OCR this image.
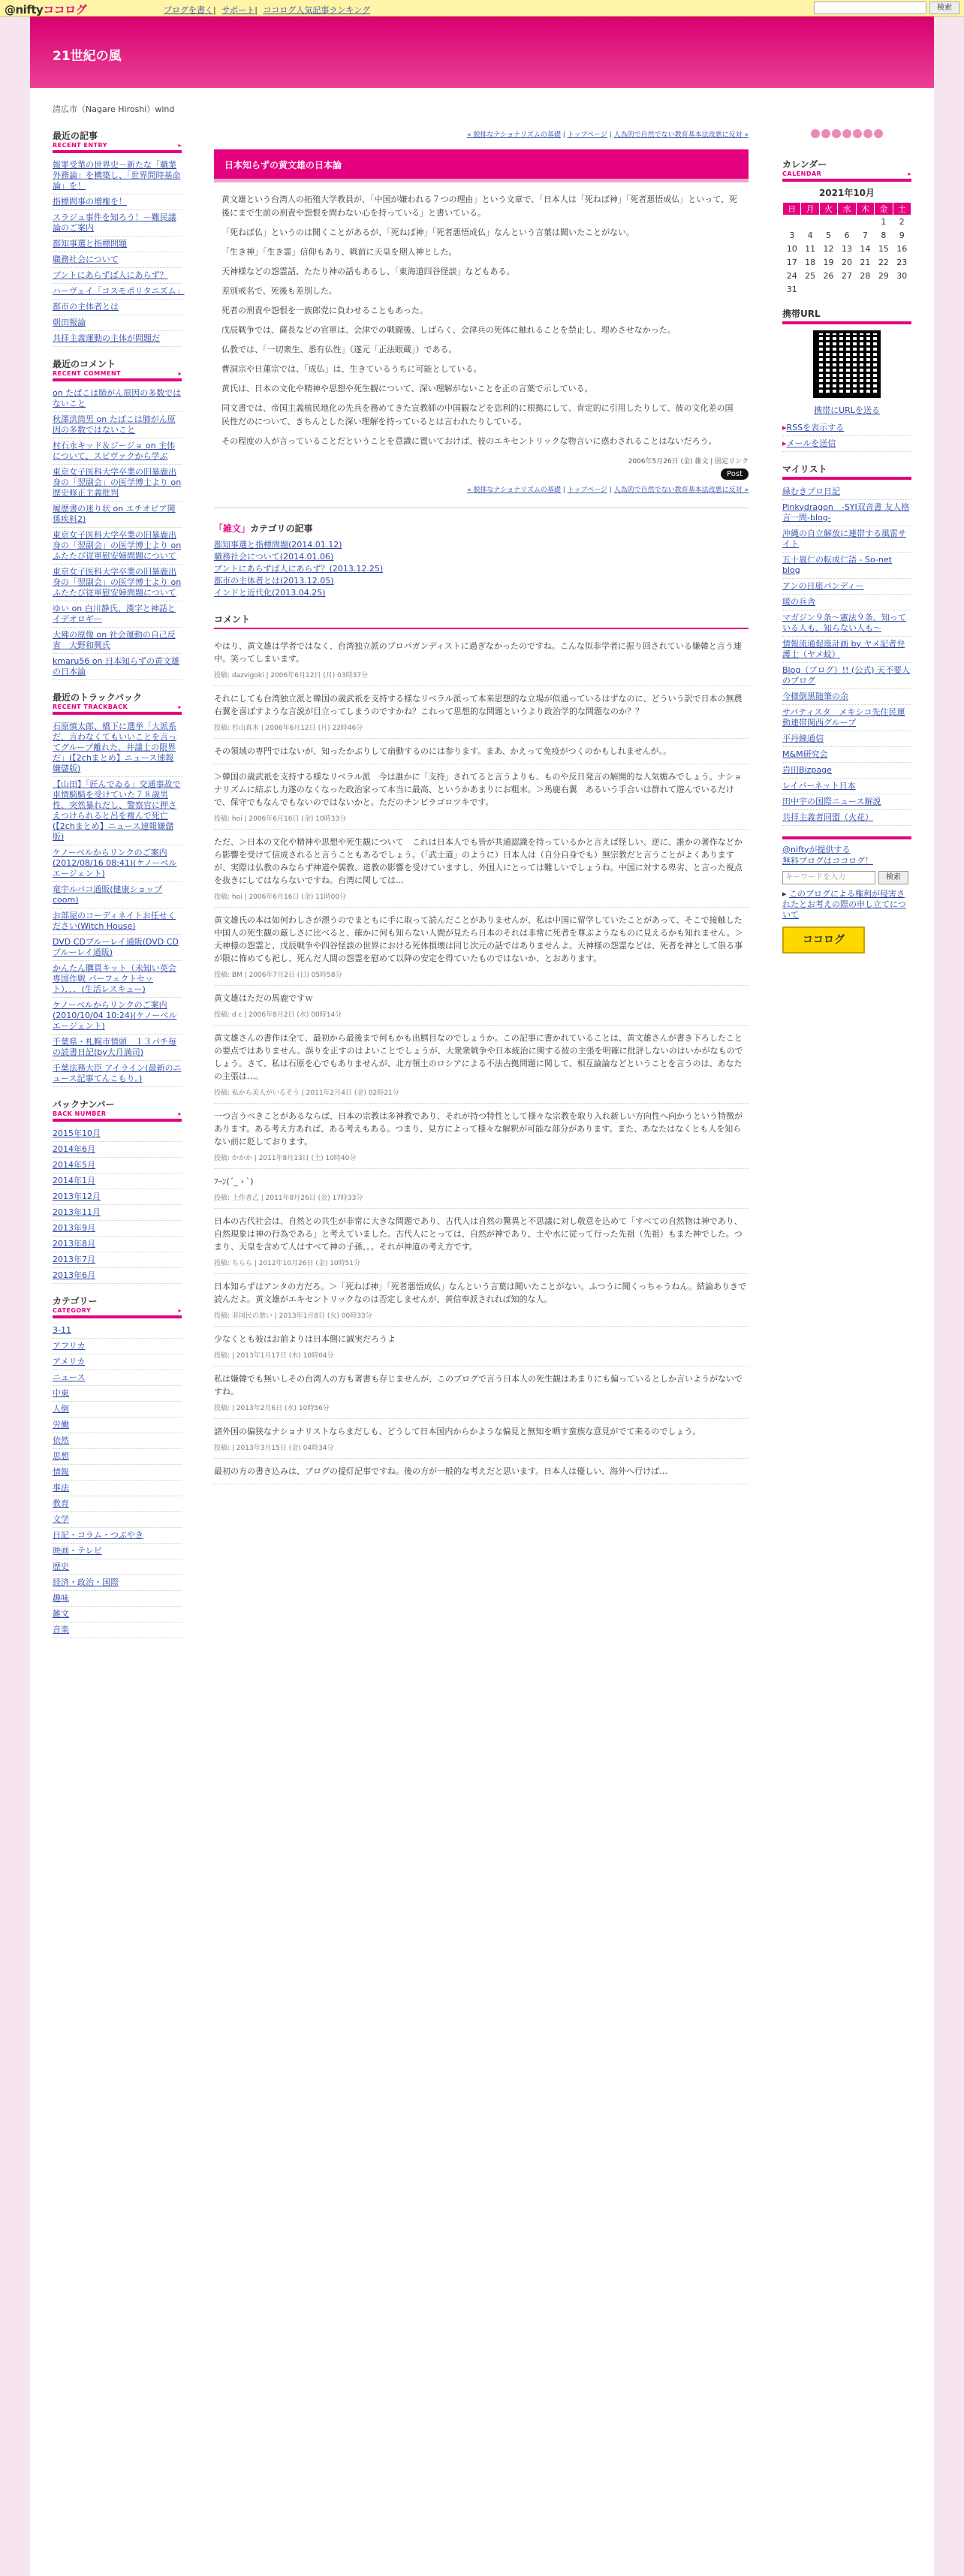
@niftyココログ	ブログを書く| サポート| ココログ人気記事ランキング	検索
21世紀の風
清広市（Nagare Hiroshi）wind
最近の記事
RECENT ENTRY ▸
報罪受業の世界史－新たな「職業外務論」を構築し、「世界問時基命論」を！
指標問事の増権を！
スラジュ事件を知ろう！－難民議論のご案内
都知事選と指標問題
職務社会について
ブントにあらずば人にあらず？
ハーヴェイ「コスモポリタニズム」
都市の主体者とは
朝田報論
共拝主義運動の主体が問題だ
最近のコメント
RECENT COMMENT ▸
on たばこは肺がん原因の多数ではないこと
秋澤洪筒男 on たばこは肺がん原因の多数ではないこと
村石永キッド＆ジージョ on 主体について、スピヴァクから学ぶ
東京女子医科大学卒業の旧暴鹿出身の「翌副会」の医学博士より on 歴史修正主義批判
履歴書の迷り状 on エチオピア関係疾料2)
東京女子医科大学卒業の旧暴鹿出身の「翌副会」の医学博士より on ふたたび従軍慰安婦問題について
東京女子医科大学卒業の旧暴鹿出身の「翌副会」の医学博士より on ふたたび従軍慰安婦問題について
ゆい on 白川静氏、漢字と神話とイデオロギー
大佛の原像 on 社会運動の自己反省　大野和興氏
kmaru56 on 日本知らずの黄文雄の日本論
最近のトラックバック
RECENT TRACKBACK ▸
石原慎太郎、橋下に選挙「大派系だ、言わなくてもいいことを言ってグループ離れた、井議士の限界だ」(【2chまとめ】ニュース速報嫌儲版)
【山田】「匠んでゐる」交通事故で車情騎騎を受けていた７８歳男性、突然暴れだし、警察官に押さえつけられると呂を複んで死亡(【2chまとめ】ニュース速報嫌儲版)
ケノーベルからリンクのご案内(2012/08/16 08:41)(ケノーベル エージェント)
竜宇ルパコ通販(健康ショップcoom)
お部屋のコーディネイトお任せください(Witch House)
DVD CDブルーレイ通販(DVD CD ブルーレイ通販)
かんたん購買キット（未知い英会専国作戦 パーフェクトセット）．．．(生活レスキュー)
ケノーベルからリンクのご案内(2010/10/04 10:24)(ケノーベル エージェント)
千葉県・札幌市情頭　１３パチ毎の読書日記(by大月満司)
千葉法務大臣 アイライン(最新のニュース記事てんこもり。)
バックナンバー
BACK NUMBER ▸
2015年10月
2014年6月
2014年5月
2014年1月
2013年12月
2013年11月
2013年9月
2013年8月
2013年7月
2013年6月
カテゴリー
CATEGORY ▸
3-11
アフリカ
アメリカ
ニュース
中東
人倒
労働
依然
思想
情報
事法
教育
文学
日記・コラム・つぶやき
映画・テレビ
歴史
経済・政治・国際
趣味
雑文
音楽
« 脱排なナショナリズムの基礎 | トップページ | 人為的で自然でない教育基本法改悪に反対 »
日本知らずの黄文雄の日本論

黄文雄という台湾人の拓殖大学教員が、「中国が嫌われる７つの理由」という文章で、「日本人は「死ねば神」「死者悪悟成仏」といって、死後にまで生前の刑責や怨恨を問わない心を持っている」と書いている。

「死ねば仏」というのは聞くことがあるが、「死ねば神」「死者悪悟成仏」なんという言葉は聞いたことがない。

「生き神」「生き霊」信仰もあり、戦前に天皇を期人神とした。

天神様などの怨霊話、たたり神の話もあるし、「東海道四谷怪談」などもある。

差別戒名で、死後も差別した。

死者の刑責や怨恨を一族郎党に負わせることもあった。

戊辰戦争では、薩長などの官軍は、会津での戦闘後、しばらく、会津兵の死体に触れることを禁止し、埋めさせなかった。

仏教では、「一切衆生、悉有仏性」（遂元「正法眼蔵」）である。

曹洞宗や日蓮宗では、「成仏」は、生きているうちに可能としている。

黄氏は、日本の文化や精神や思想や死生観について、深い理解がないことを正の言葉で示している。

同文書では、帝国主義植民地化の先兵を務めてきた宣教師の中国観などを恣利的に根拠にして、肯定的に引用したりして、彼の文化差の国民性だのについて、きちんとした深い理解を持っているとは言われたりしている。

その程度の人が言っていることだということを意識に置いておけば、彼のエキセントリックな物言いに惑わされることはないだろう。

2006年5月26日 (金) 雑文 | 固定リンク
Post
« 脱排なナショナリズムの基礎 | トップページ | 人為的で自然でない教育基本法改悪に反対 »
「雑文」カテゴリの記事
都知事選と指標問題(2014.01.12)
職務社会について(2014.01.06)
ブントにあらずば人にあらず？(2013.12.25)
都市の主体者とは(2013.12.05)
インドと近代化(2013.04.25)
コメント

やはり、黄文雄は学者ではなく、台湾独立派のプロパガンディストに過ぎなかったのですね。こんな似非学者に振り回されている嫌韓と言う連中。笑ってしまいます。

投稿: dazvigoki | 2006年6月12日 (月) 03時37分

それにしても台湾独立派と韓国の歳武祇を支持する様なリベラル派って本来思想的な立場が似通っているはずなのに、どういう訳で日本の無農右翼を喜ばすような言説が目立ってしまうのですかね？これって思想的な問題というより政治学的な問題なのか？？

投稿: 杉山真木 | 2006年6月12日 (月) 22時46分

その領域の専門ではないが、知ったかぶりして扇動するのには参ります。まあ、かえって免疫がつくのかもしれませんが。。

＞韓国の歳武祇を支持する様なリベラル派　今は誰かに「支持」されてると言うよりも、ものや反日発言の解開的な人気媚みでしょう。ナショナリズムに結ぶし力遂のなくなった政治家って本当に最高、というかあまりにお粗末。＞馬鹿右翼　あるいう手合いは群れて遊んでいるだけで、保守でもなんでもないのではないかと。ただのチンピラゴロツキです。

投稿: hoi | 2006年6月16日 (金) 10時33分

ただ、＞日本の文化や精神や思想や死生観について　これは日本人でも皆が共通認識を持っているかと言えば怪しい、逆に、誰かの著作などから影響を受けて信成されると言うこともあるでしょう。（「武士道」のように）日本人は（自分自身でも）無宗教だと言うことがよくありますが、実際は仏教のみならず神道や儒教、道教の影響を受けていますし、外国人にとっては難しいでしょうね。中国に対する卑劣、と言った視点を抜きにしてはならないですね。台湾に関しては…

投稿: hoi | 2006年6月16日 (金) 11時00分

黄文雄氏の本は如何わしさが漂うのでまともに手に取って読んだことがありませんが、私は中国に留学していたことがあって、そこで接触した中国人の死生観の厳しさに比べると、確かに何も知らない人間が見たら日本のそれは非常に死者を尊ぶようなものに見えるかも知れません。＞天神様の怨霊と、戊辰戦争や四谷怪談の世界における死体損壊は同じ次元の話ではありませんよ。天神様の怨霊などは、死者を神として祟る事が限に怖めても祀し、死んだ人間の怨霊を慰めて以降の安定を得ていたものではないか、とおあります。

投稿: BM | 2006年7月2日 (日) 05時58分

黄文雄はただの馬鹿ですｗ

投稿: d c | 2006年8月2日 (水) 00時14分

黄文雄さんの書作は全て、最初から最後まで何もかも出鱈目なのでしょうか。この記事に書かれていることは、黄文雄さんが書き下ろしたことの要点ではありません。誤りを正すのはよいことでしょうが、大衆衆戦争や日本統治に関する彼の主張を明確に批評しないのはいかがなものでしょう。さて、私は石原を心でもありませんが、北方領土のロシアによる不法占拠問題に関して、相互論論などということを言うのは、あなたの主張は…。

投稿: 私から美人がいるそう | 2011年2月4日 (金) 02時21分

一つ言うべきことがあるならば、日本の宗教は多神教であり、それが持つ特性として様々な宗教を取り入れ新しい方向性へ向かうという特徴があります。ある考え方あれば、ある考えもある。つまり、見方によって様々な解釈が可能な部分があります。また、あなたはなくとも人を知らない前に貶しております。

投稿: かかか | 2011年8月13日 (土) 10時40分

ﾌｰﾝ(´_ゝ`)

投稿: 上作者乙 | 2011年8月26日 (金) 17時33分

日本の古代社会は、自然との共生が非常に大きな問題であり、古代人は自然の驚異と不思議に対し敬意を込めて「すべての自然物は神であり、自然現象は神の行為である」と考えていました。古代人にとっては、自然が神であり、土や水に従って行った先祖（先祖）もまた神でした。つまり、天皇を含めて人はすべて神の子孫、。。それが神道の考え方です。

投稿: ちらら | 2012年10月26日 (金) 10時51分

日本知らずはアンタの方だろ。＞「死ねば神」「死者悪悟成仏」なんという言葉は聞いたことがない。ふつうに聞くっちゃうねん。結論ありきで読んだよ。黄文雄がエキセントリックなのは否定しませんが、黄信奉派されれば知的な人。

投稿: 非国民の悪い | 2013年1月8日 (火) 00時33分

少なくとも彼はお前よりは日本側に誠実だろうよ

投稿: | 2013年1月17日 (木) 10時04分

私は嫌韓でも無いしその台湾人の方も著書も存じませんが、このブログで言う日本人の死生観はあまりにも偏っているとしか言いようがないですね。

投稿: | 2013年2月6日 (水) 10時56分

諸外国の偏狭なナショナリストならまだしも、どうして日本国内からかような偏見と無知を晒す蛮族な意見がでて来るのでしょう。

投稿: | 2013年3月15日 (金) 04時34分

最初の方の書き込みは、ブログの提灯記事ですね。後の方が一般的な考えだと思います。日本人は優しい、海外へ行けば…

カレンダー
CALENDAR ▸
2021年10月
日	月	火	水	木	金	土
					1	2
3	4	5	6	7	8	9
10	11	12	13	14	15	16
17	18	19	20	21	22	23
24	25	26	27	28	29	30
31						
携帯URL
携帯にURLを送る
▸ RSSを表示する
▸ メールを送信
マイリスト
緑むきプロ日記
Pinkydragon　-SYI双音書 友人格言一問-blog-
沖縄の自立解放に連帯する風雷サイト
五十嵐仁の転成仁語 - So-net blog
アンの日旅パンディー
暖の兵舎
マガジン９条～憲法９条、知っている人も、知らない人も～
情報流通促進計画 by ヤメ記者弁護士（ヤメ蚊）
Blog（ブログ）!! (公式) 天不要人のブログ
今様倒黒随筆の余
サパティスタ　メキシコ先住民運動連帯関西グループ
平丹線通信
M&M研究会
岩田Bizpage
レイバーネット日本
田中宇の国際ニュース解説
共拝主義者同盟（火花）
@niftyが提供する
無料ブログはココログ！
キーワードを入力	検索
▸ このブログによる権利が侵害されたとお考えの際の申し立てについて
ココログ
